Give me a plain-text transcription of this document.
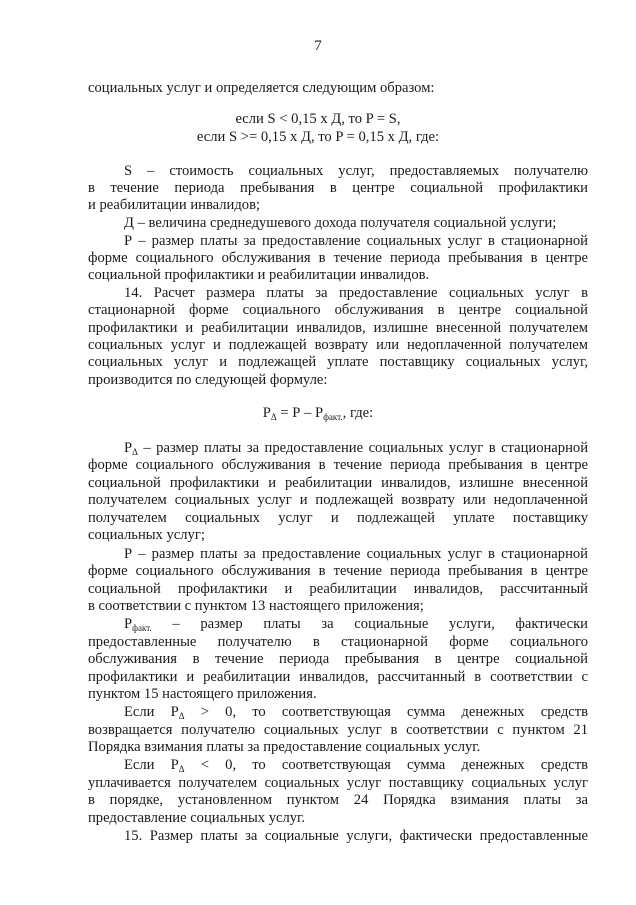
7
социальных услуг и определяется следующим образом:
если S < 0,15 х Д, то P = S,
если S >= 0,15 х Д, то P = 0,15 х Д, где:
S – стоимость социальных услуг, предоставляемых получателю
в течение периода пребывания в центре социальной профилактики
и реабилитации инвалидов;
Д – величина среднедушевого дохода получателя социальной услуги;
Р – размер платы за предоставление социальных услуг в стационарной
форме социального обслуживания в течение периода пребывания в центре
социальной профилактики и реабилитации инвалидов.
14. Расчет размера платы за предоставление социальных услуг в
стационарной форме социального обслуживания в центре социальной
профилактики и реабилитации инвалидов, излишне внесенной получателем
социальных услуг и подлежащей возврату или недоплаченной получателем
социальных услуг и подлежащей уплате поставщику социальных услуг,
производится по следующей формуле:
$Р_\Delta$ – размер платы за предоставление социальных услуг в стационарной
форме социального обслуживания в течение периода пребывания в центре
социальной профилактики и реабилитации инвалидов, излишне внесенной
получателем социальных услуг и подлежащей возврату или недоплаченной
получателем социальных услуг и подлежащей уплате поставщику
социальных услуг;
Р – размер платы за предоставление социальных услуг в стационарной
форме социального обслуживания в течение периода пребывания в центре
социальной профилактики и реабилитации инвалидов, рассчитанный
в соответствии с пунктом 13 настоящего приложения;
$Р_{факт.}$ – размер платы за социальные услуги, фактически
предоставленные получателю в стационарной форме социального
обслуживания в течение периода пребывания в центре социальной
профилактики и реабилитации инвалидов, рассчитанный в соответствии с
пунктом 15 настоящего приложения.
Если $Р_\Delta > 0$, то соответствующая сумма денежных средств
возвращается получателю социальных услуг в соответствии с пунктом 21
Порядка взимания платы за предоставление социальных услуг.
Если $Р_\Delta < 0$, то соответствующая сумма денежных средств
уплачивается получателем социальных услуг поставщику социальных услуг
в порядке, установленном пунктом 24 Порядка взимания платы за
предоставление социальных услуг.
15. Размер платы за социальные услуги, фактически предоставленные
$P_\Delta = Р - Р_{факт.}$, где:
